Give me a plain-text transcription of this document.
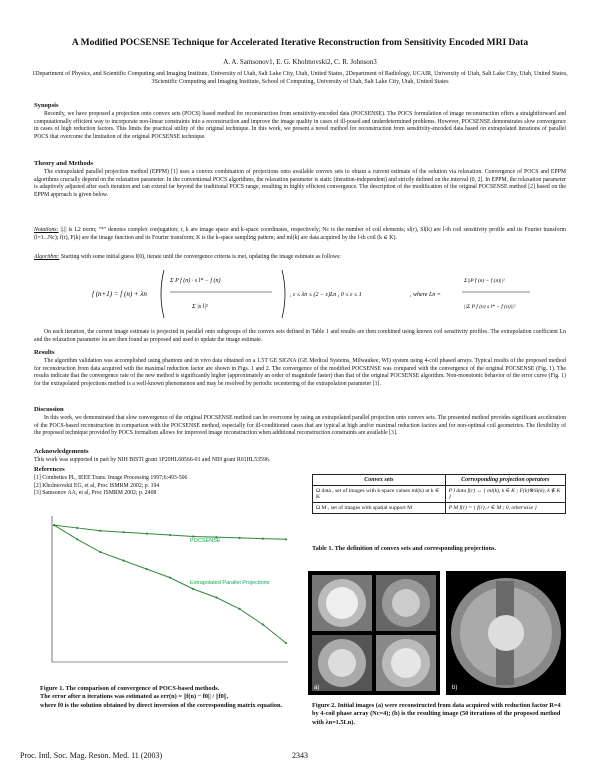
A Modified POCSENSE Technique for Accelerated Iterative Reconstruction from Sensitivity Encoded MRI Data
A. A. Samsonov1, E. G. Kholmovski2, C. R. Johnson3
1Department of Physics, and Scientific Computing and Imaging Institute, University of Utah, Salt Lake City, Utah, United States, 2Department of Radiology, UCAIR, University of Utah, Salt Lake City, Utah, United States, 3Scientific Computing and Imaging Institute, School of Computing, University of Utah, Salt Lake City, Utah, United States
Synopsis
Recently, we have proposed a projection onto convex sets (POCS) based method for reconstruction from sensitivity-encoded data (POCSENSE). The POCS formulation of image reconstruction offers a straightforward and computationally efficient way to incorporate non-linear constraints into a reconstruction and improve the image quality in cases of ill-posed and underdetermined problems. However, POCSENSE demonstrates slow convergence in cases of high reduction factors. This limits the practical utility of the original technique. In this work, we present a novel method for reconstruction from sensitivity-encoded data based on extrapolated iterations of parallel POCS that overcome the limitation of the original POCSENSE technique.
Theory and Methods
The extrapolated parallel projection method (EPPM) [1] uses a convex combination of projections onto available convex sets to obtain a current estimate of the solution via relaxation. Convergence of POCS and EPPM algorithms crucially depend on the relaxation parameter. In the conventional POCS algorithms, the relaxation parameter is static (iteration-independent) and strictly defined on the interval (0, 2]. In EPPM, the relaxation parameter is adaptively adjusted after each iteration and can extend far beyond the traditional POCS range, resulting in highly efficient convergence. The description of the modification of the original POCSENSE method [2] based on the EPPM approach is given below.
Notations: ||.|| is L2 norm; "*" denotes complex conjugation; r, k are image space and k-space coordinates, respectively; Nc is the number of coil elements; sl(r), Sl(k) are l-th coil sensitivity profile and its Fourier transform (l=1...Nc); f(r), F(k) are the image function and its Fourier transform; K is the k-space sampling pattern; and ml(k) are data acquired by the l-th coil (k ∈ K).
Algorithm: Starting with some initial guess f(0), iterate until the convergence criteria is met, updating the image estimate as follows:
f (n+1) = f (n) + λn
Σ P f (n) · s l* − f (n)
Σ |s l|²
, ε ≤ λn ≤ (2 − ε)Ln , 0 ≤ ε ≤ 1	, where Ln =
Σ||P f (n) − f (n)||²
||Σ P f (n) s l* − f (n)||²
On each iteration, the current image estimate is projected in parallel onto subgroups of the convex sets defined in Table 1 and results are then combined using known coil sensitivity profiles. The extrapolation coefficient Ln and the relaxation parameter λn are then found as proposed and used to update the image estimate.
Results
The algorithm validation was accomplished using phantom and in vivo data obtained on a 1.5T GE SIGNA (GE Medical Systems, Milwaukee, WI) system using 4-coil phased arrays. Typical results of the proposed method for reconstruction from data acquired with the maximal reduction factor are shown in Figs. 1 and 2. The convergence of the modified POCSENSE was compared with the convergence of the original POCSENSE (Fig. 1). The results indicate that the convergence rate of the new method is significantly higher (approximately an order of magnitude faster) than that of the original POCSENSE algorithm. Non-monotonic behavior of the error curve (Fig. 1) for the extrapolated projections method is a well-known phenomenon and may be resolved by periodic recentering of the extrapolation parameter [1].
Discussion
In this work, we demonstrated that slow convergence of the original POCSENSE method can be overcome by using an extrapolated parallel projection onto convex sets. The presented method provides significant acceleration of the POCS-based reconstruction in comparison with the POCSENSE method, especially for ill-conditioned cases that are typical at high and/or maximal reduction factors and for non-optimal coil geometries. The flexibility of the proposed technique provided by POCS formalism allows for improved image reconstruction when additional reconstruction constraints are available [3].
Acknowledgements
This work was supported in part by NIH BISTI grant 1P20HL68566-01 and NIH grant R01HL53596.
References
[1] Combettes PL, IEEE Trans. Image Processing 1997;6:493-506
[2] Kholmovskii EG, et al, Proc ISMRM 2002; p. 194
[3] Samsonov AA, et al, Proc ISMRM 2002; p. 2408
POCSENSE
Extrapolated Parallel Projections
Figure 1. The comparison of convergence of POCS-based methods.
The error after n iterations was estimated as err(n) = ||f(n) − f0|| / ||f0||,
where f0 is the solution obtained by direct inversion of the corresponding matrix equation.
Convex sets	Corresponding projection operators
Ω data , set of images with k-space values ml(k) at k ∈ K	P l data f(r) ↔ { ml(k), k ∈ K ; F(k)⊗Sl(k), k ∉ K }
Ω M , set of images with spatial support M	P M f(r) = { f(r), r ∈ M ; 0, otherwise }
Table 1. The definition of convex sets and corresponding projections.
a)	b)
Figure 2. Initial images (a) were reconstructed from data acquired with reduction factor R=4 by 4-coil phase array (Nc=4); (b) is the resulting image (50 iterations of the proposed method with λn=1.5Ln).
Proc. Intl. Soc. Mag. Reson. Med. 11 (2003)	2343
